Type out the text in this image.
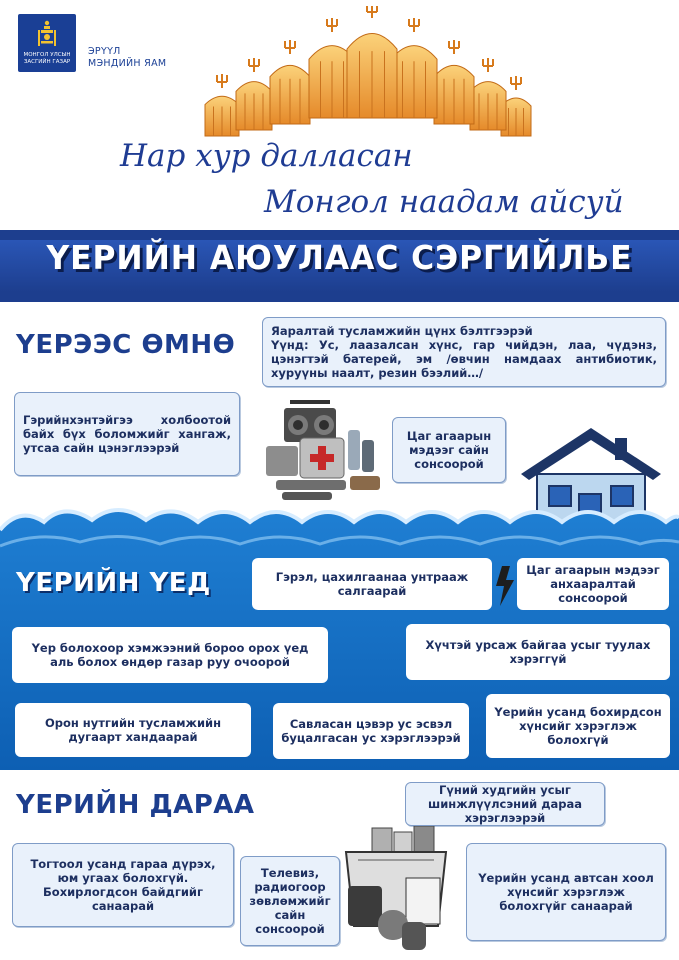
МОНГОЛ УЛСЫН ЗАСГИЙН ГАЗАР
ЭРҮҮЛ
МЭНДИЙН ЯАМ
Нар хур далласан
Монгол наадам айсуй
ҮЕРИЙН АЮУЛААС СЭРГИЙЛЬЕ
ҮЕРЭЭС ӨМНӨ	Яаралтай тусламжийн цүнх бэлтгээрэй
Үүнд: Ус, лаазалсан хүнс, гар чийдэн, лаа, чүдэнз, цэнэгтэй батерей, эм /өвчин намдаах антибиотик, хуруүны наалт, резин бээлий…/
Гэрийнхэнтэйгээ холбоотой байх бүх боломжийг хангаж, утсаа сайн цэнэглээрэй
Цаг агаарын мэдээг сайн сонсоорой
ҮЕРИЙН ҮЕД	Гэрэл, цахилгаанаа унтрааж салгаарай
Цаг агаарын мэдээг анхааралтай сонсоорой
Үер болохоор хэмжээний бороо орох үед аль болох өндөр газар руу очоорой
Хүчтэй урсаж байгаа усыг туулах хэрэггүй
Орон нутгийн тусламжийн дугаарт хандаарай
Савласан цэвэр ус эсвэл буцалгасан ус хэрэглээрэй
Үерийн усанд бохирдсон хүнсийг хэрэглэж болохгүй
ҮЕРИЙН ДАРАА	Гүний худгийн усыг шинжлүүлсэний дараа хэрэглээрэй
Тогтоол усанд гараа дүрэх, юм угаах болохгүй. Бохирлогдсон байдгийг санаарай
Телевиз, радиогоор зөвлөмжийг сайн сонсоорой
Үерийн усанд автсан хоол хүнсийг хэрэглэж болохгүйг санаарай
